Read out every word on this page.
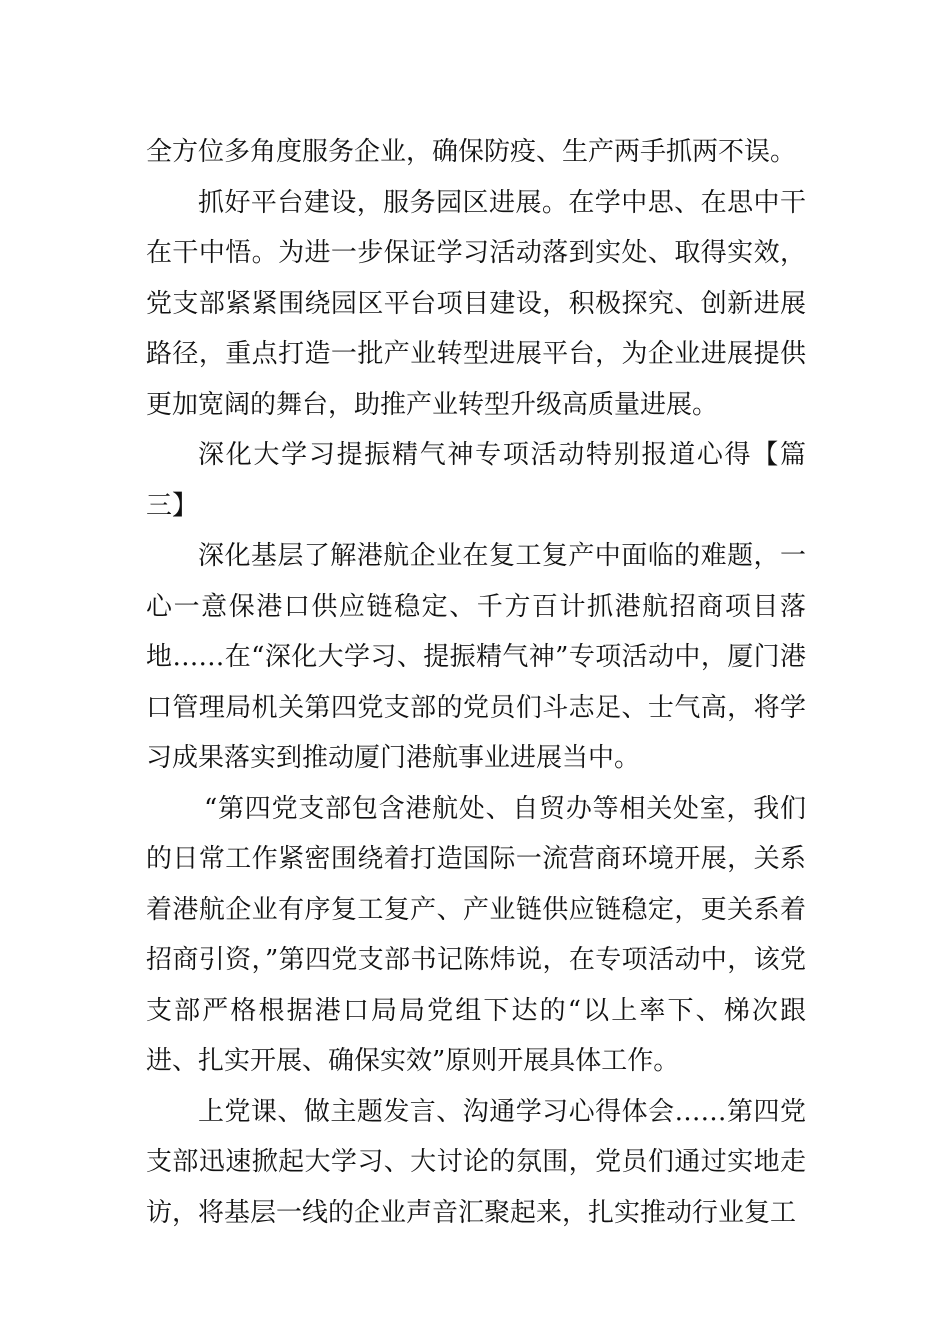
全方位多角度服务企业，确保防疫、生产两手抓两不误。

抓好平台建设，服务园区进展。在学中思、在思中干在干中悟。为进一步保证学习活动落到实处、取得实效，党支部紧紧围绕园区平台项目建设，积极探究、创新进展路径，重点打造一批产业转型进展平台，为企业进展提供更加宽阔的舞台，助推产业转型升级高质量进展。

深化大学习提振精气神专项活动特别报道心得【篇三】

深化基层了解港航企业在复工复产中面临的难题，一心一意保港口供应链稳定、千方百计抓港航招商项目落地……在“深化大学习、提振精气神”专项活动中，厦门港口管理局机关第四党支部的党员们斗志足、士气高，将学习成果落实到推动厦门港航事业进展当中。

“第四党支部包含港航处、自贸办等相关处室，我们的日常工作紧密围绕着打造国际一流营商环境开展，关系着港航企业有序复工复产、产业链供应链稳定，更关系着招商引资，”第四党支部书记陈炜说，在专项活动中，该党支部严格根据港口局局党组下达的“以上率下、梯次跟进、扎实开展、确保实效”原则开展具体工作。

上党课、做主题发言、沟通学习心得体会……第四党支部迅速掀起大学习、大讨论的氛围，党员们通过实地走访，将基层一线的企业声音汇聚起来，扎实推动行业复工
